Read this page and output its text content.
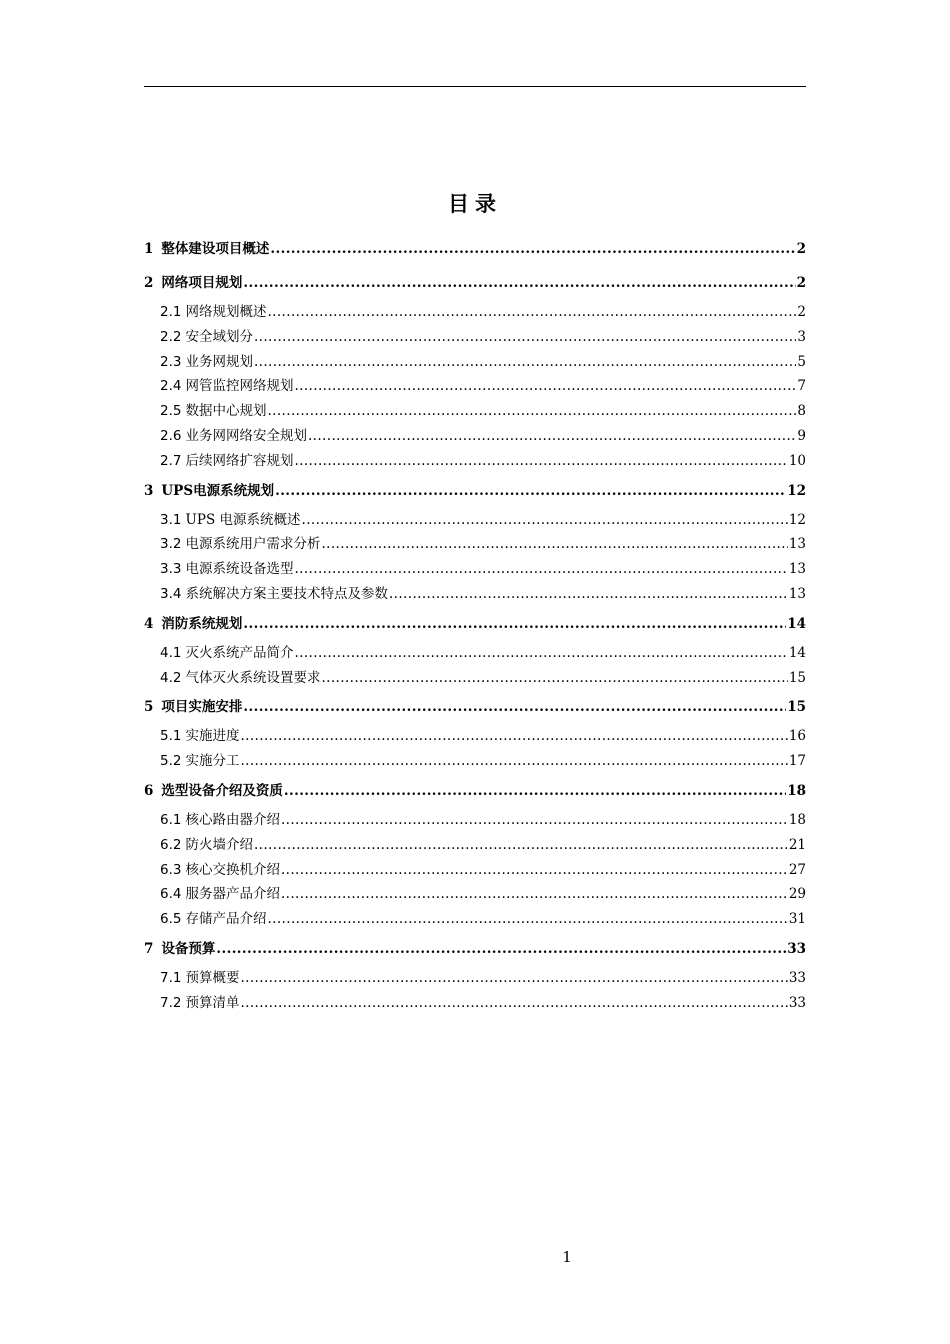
目录
1 整体建设项目概述 .....	2
2 网络项目规划 .....	2
2.1 网络规划概述 .....	2
2.2 安全域划分 .....	3
2.3 业务网规划 .....	5
2.4 网管监控网络规划 .....	7
2.5 数据中心规划 .....	8
2.6 业务网网络安全规划 .....	9
2.7 后续网络扩容规划 .....	10
3 UPS电源系统规划 .....	12
3.1 UPS 电源系统概述 .....	12
3.2 电源系统用户需求分析 .....	13
3.3 电源系统设备选型 .....	13
3.4 系统解决方案主要技术特点及参数 .....	13
4 消防系统规划 .....	14
4.1 灭火系统产品简介 .....	14
4.2 气体灭火系统设置要求 .....	15
5 项目实施安排 .....	15
5.1 实施进度 .....	16
5.2 实施分工 .....	17
6 选型设备介绍及资质 .....	18
6.1 核心路由器介绍 .....	18
6.2 防火墙介绍 .....	21
6.3 核心交换机介绍 .....	27
6.4 服务器产品介绍 .....	29
6.5 存储产品介绍 .....	31
7 设备预算 .....	33
7.1 预算概要 .....	33
7.2 预算清单 .....	33
1
